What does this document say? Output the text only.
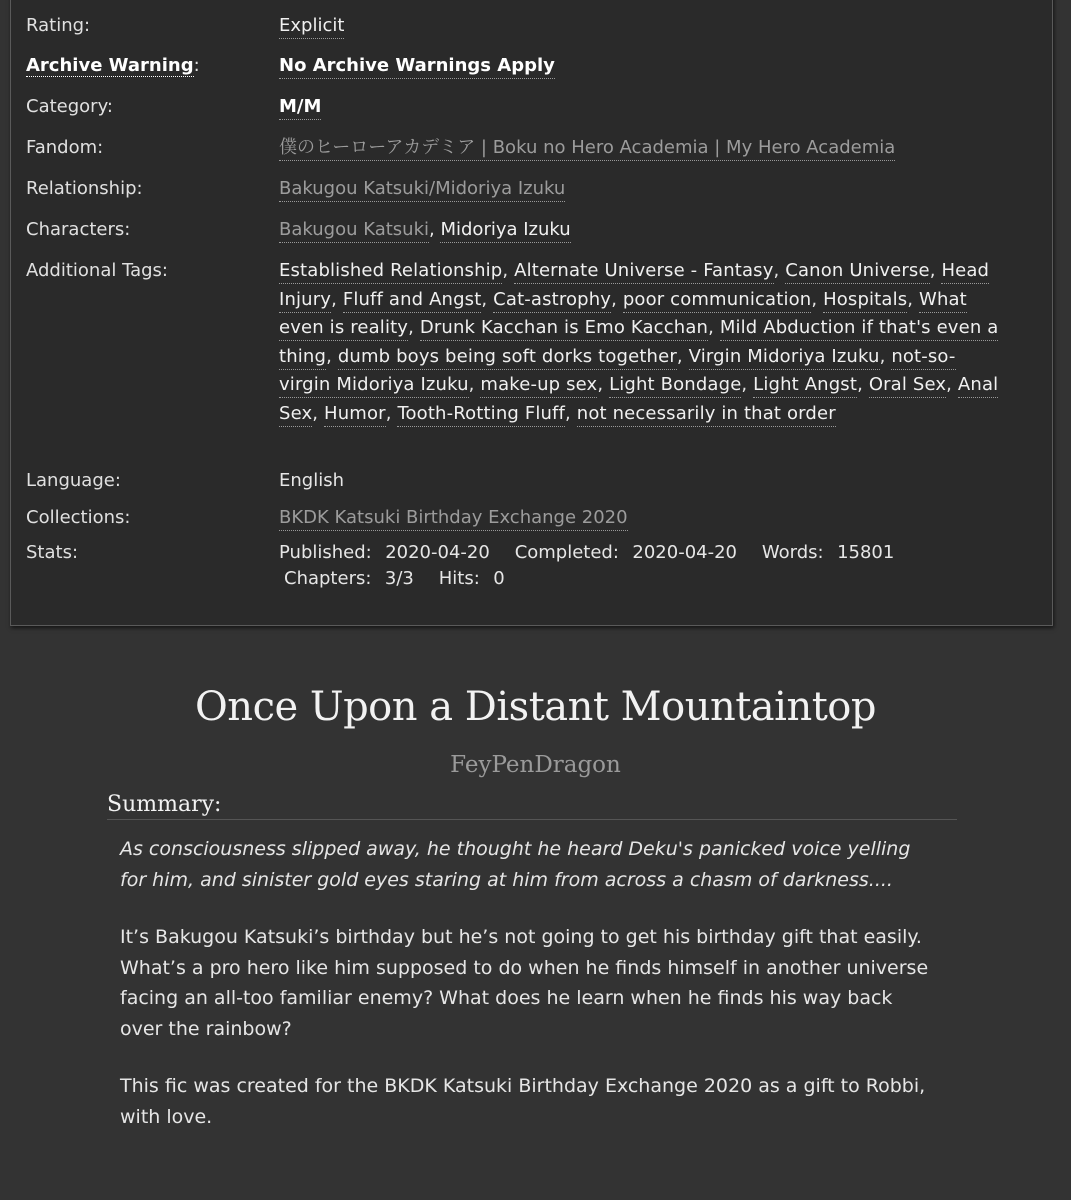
Rating:	Explicit
Archive Warning:	No Archive Warnings Apply
Category:	M/M
Fandom:	僕のヒーローアカデミア | Boku no Hero Academia | My Hero Academia
Relationship:	Bakugou Katsuki/Midoriya Izuku
Characters:	Bakugou Katsuki, Midoriya Izuku
Additional Tags:	Established Relationship, Alternate Universe - Fantasy, Canon Universe, Head Injury, Fluff and Angst, Cat-astrophy, poor communication, Hospitals, What even is reality, Drunk Kacchan is Emo Kacchan, Mild Abduction if that's even a thing, dumb boys being soft dorks together, Virgin Midoriya Izuku, not-so-virgin Midoriya Izuku, make-up sex, Light Bondage, Light Angst, Oral Sex, Anal Sex, Humor, Tooth-Rotting Fluff, not necessarily in that order
Language:	English
Collections:	BKDK Katsuki Birthday Exchange 2020
Stats:	Published: 2020-04-20 Completed: 2020-04-20 Words: 15801
Chapters: 3/3 Hits: 0
Once Upon a Distant Mountaintop
FeyPenDragon
Summary:

As consciousness slipped away, he thought he heard Deku's panicked voice yelling for him, and sinister gold eyes staring at him from across a chasm of darkness....

It’s Bakugou Katsuki’s birthday but he’s not going to get his birthday gift that easily. What’s a pro hero like him supposed to do when he finds himself in another universe facing an all-too familiar enemy? What does he learn when he finds his way back over the rainbow?

This fic was created for the BKDK Katsuki Birthday Exchange 2020 as a gift to Robbi, with love.
